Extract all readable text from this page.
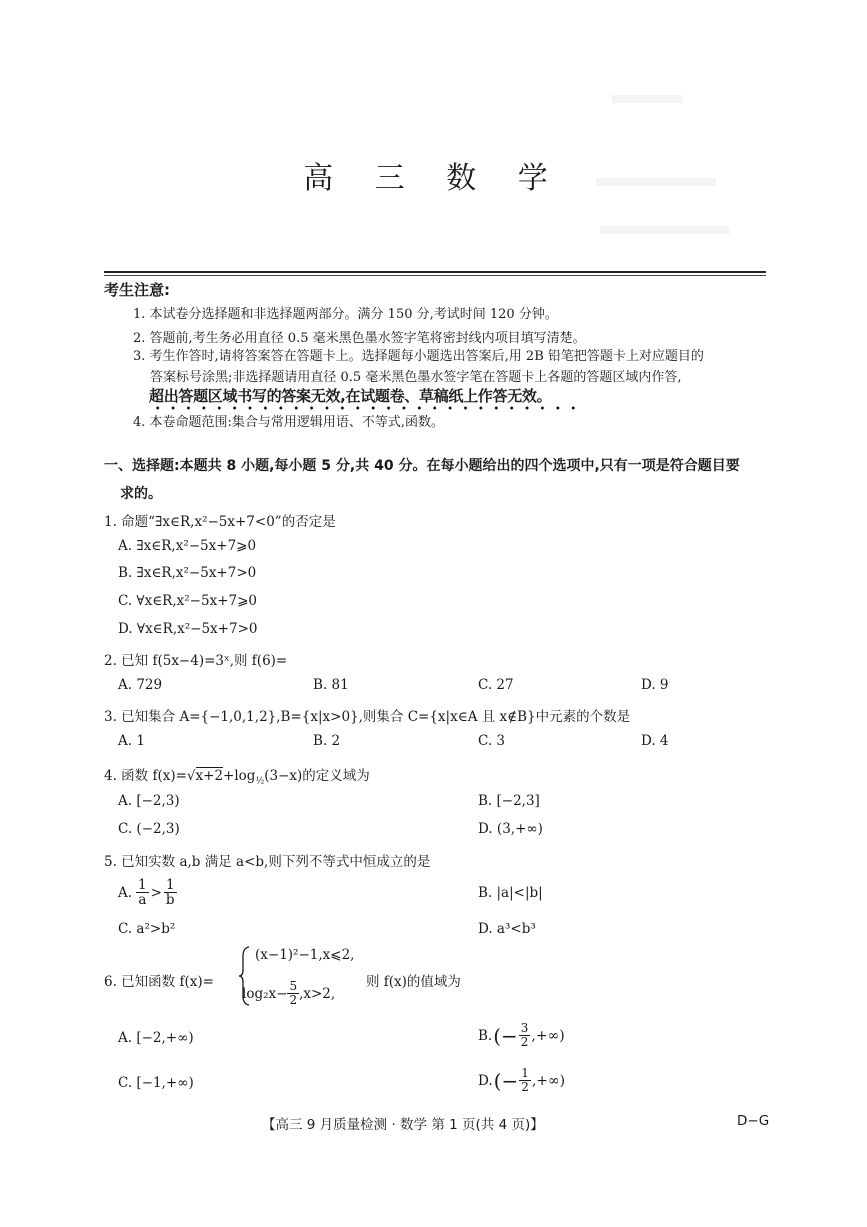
高 三 数 学
考生注意:
1. 本试卷分选择题和非选择题两部分。满分 150 分,考试时间 120 分钟。
2. 答题前,考生务必用直径 0.5 毫米黑色墨水签字笔将密封线内项目填写清楚。
3. 考生作答时,请将答案答在答题卡上。选择题每小题选出答案后,用 2B 铅笔把答题卡上对应题目的
答案标号涂黑;非选择题请用直径 0.5 毫米黑色墨水签字笔在答题卡上各题的答题区域内作答,
超出答题区域书写的答案无效,在试题卷、草稿纸上作答无效。
4. 本卷命题范围:集合与常用逻辑用语、不等式,函数。
一、选择题:本题共 8 小题,每小题 5 分,共 40 分。在每小题给出的四个选项中,只有一项是符合题目要
求的。
1. 命题“∃x∈R,x²−5x+7<0”的否定是
A. ∃x∈R,x²−5x+7⩾0
B. ∃x∈R,x²−5x+7>0
C. ∀x∈R,x²−5x+7⩾0
D. ∀x∈R,x²−5x+7>0
2. 已知 f(5x−4)=3ˣ,则 f(6)=
A. 729	B. 81	C. 27	D. 9
3. 已知集合 A={−1,0,1,2},B={x|x>0},则集合 C={x|x∈A 且 x∉B}中元素的个数是
A. 1	B. 2	C. 3	D. 4
4. 函数 $f(x)=√x+2+\log_{\frac{1}{2}}(3-x)$的定义域为
A. [−2,3)	B. [−2,3]
C. (−2,3)	D. (3,+∞)
5. 已知实数 a,b 满足 a<b,则下列不等式中恒成立的是
A. $\frac{1}{a} > \frac{1}{b}$	B. |a|<|b|
C. a²>b²	D. a³<b³
6. 已知函数 f(x)=
(x−1)²−1,x⩽2,
$\log_2x- \frac{5}{2} ,x>2$,
则 f(x)的值域为
A. [−2,+∞)	B. (− $\frac{3}{2}$ ,+∞)
C. [−1,+∞)	D. (− $\frac{1}{2}$ ,+∞)
【高三 9 月质量检测 · 数学 第 1 页(共 4 页)】	D−G
